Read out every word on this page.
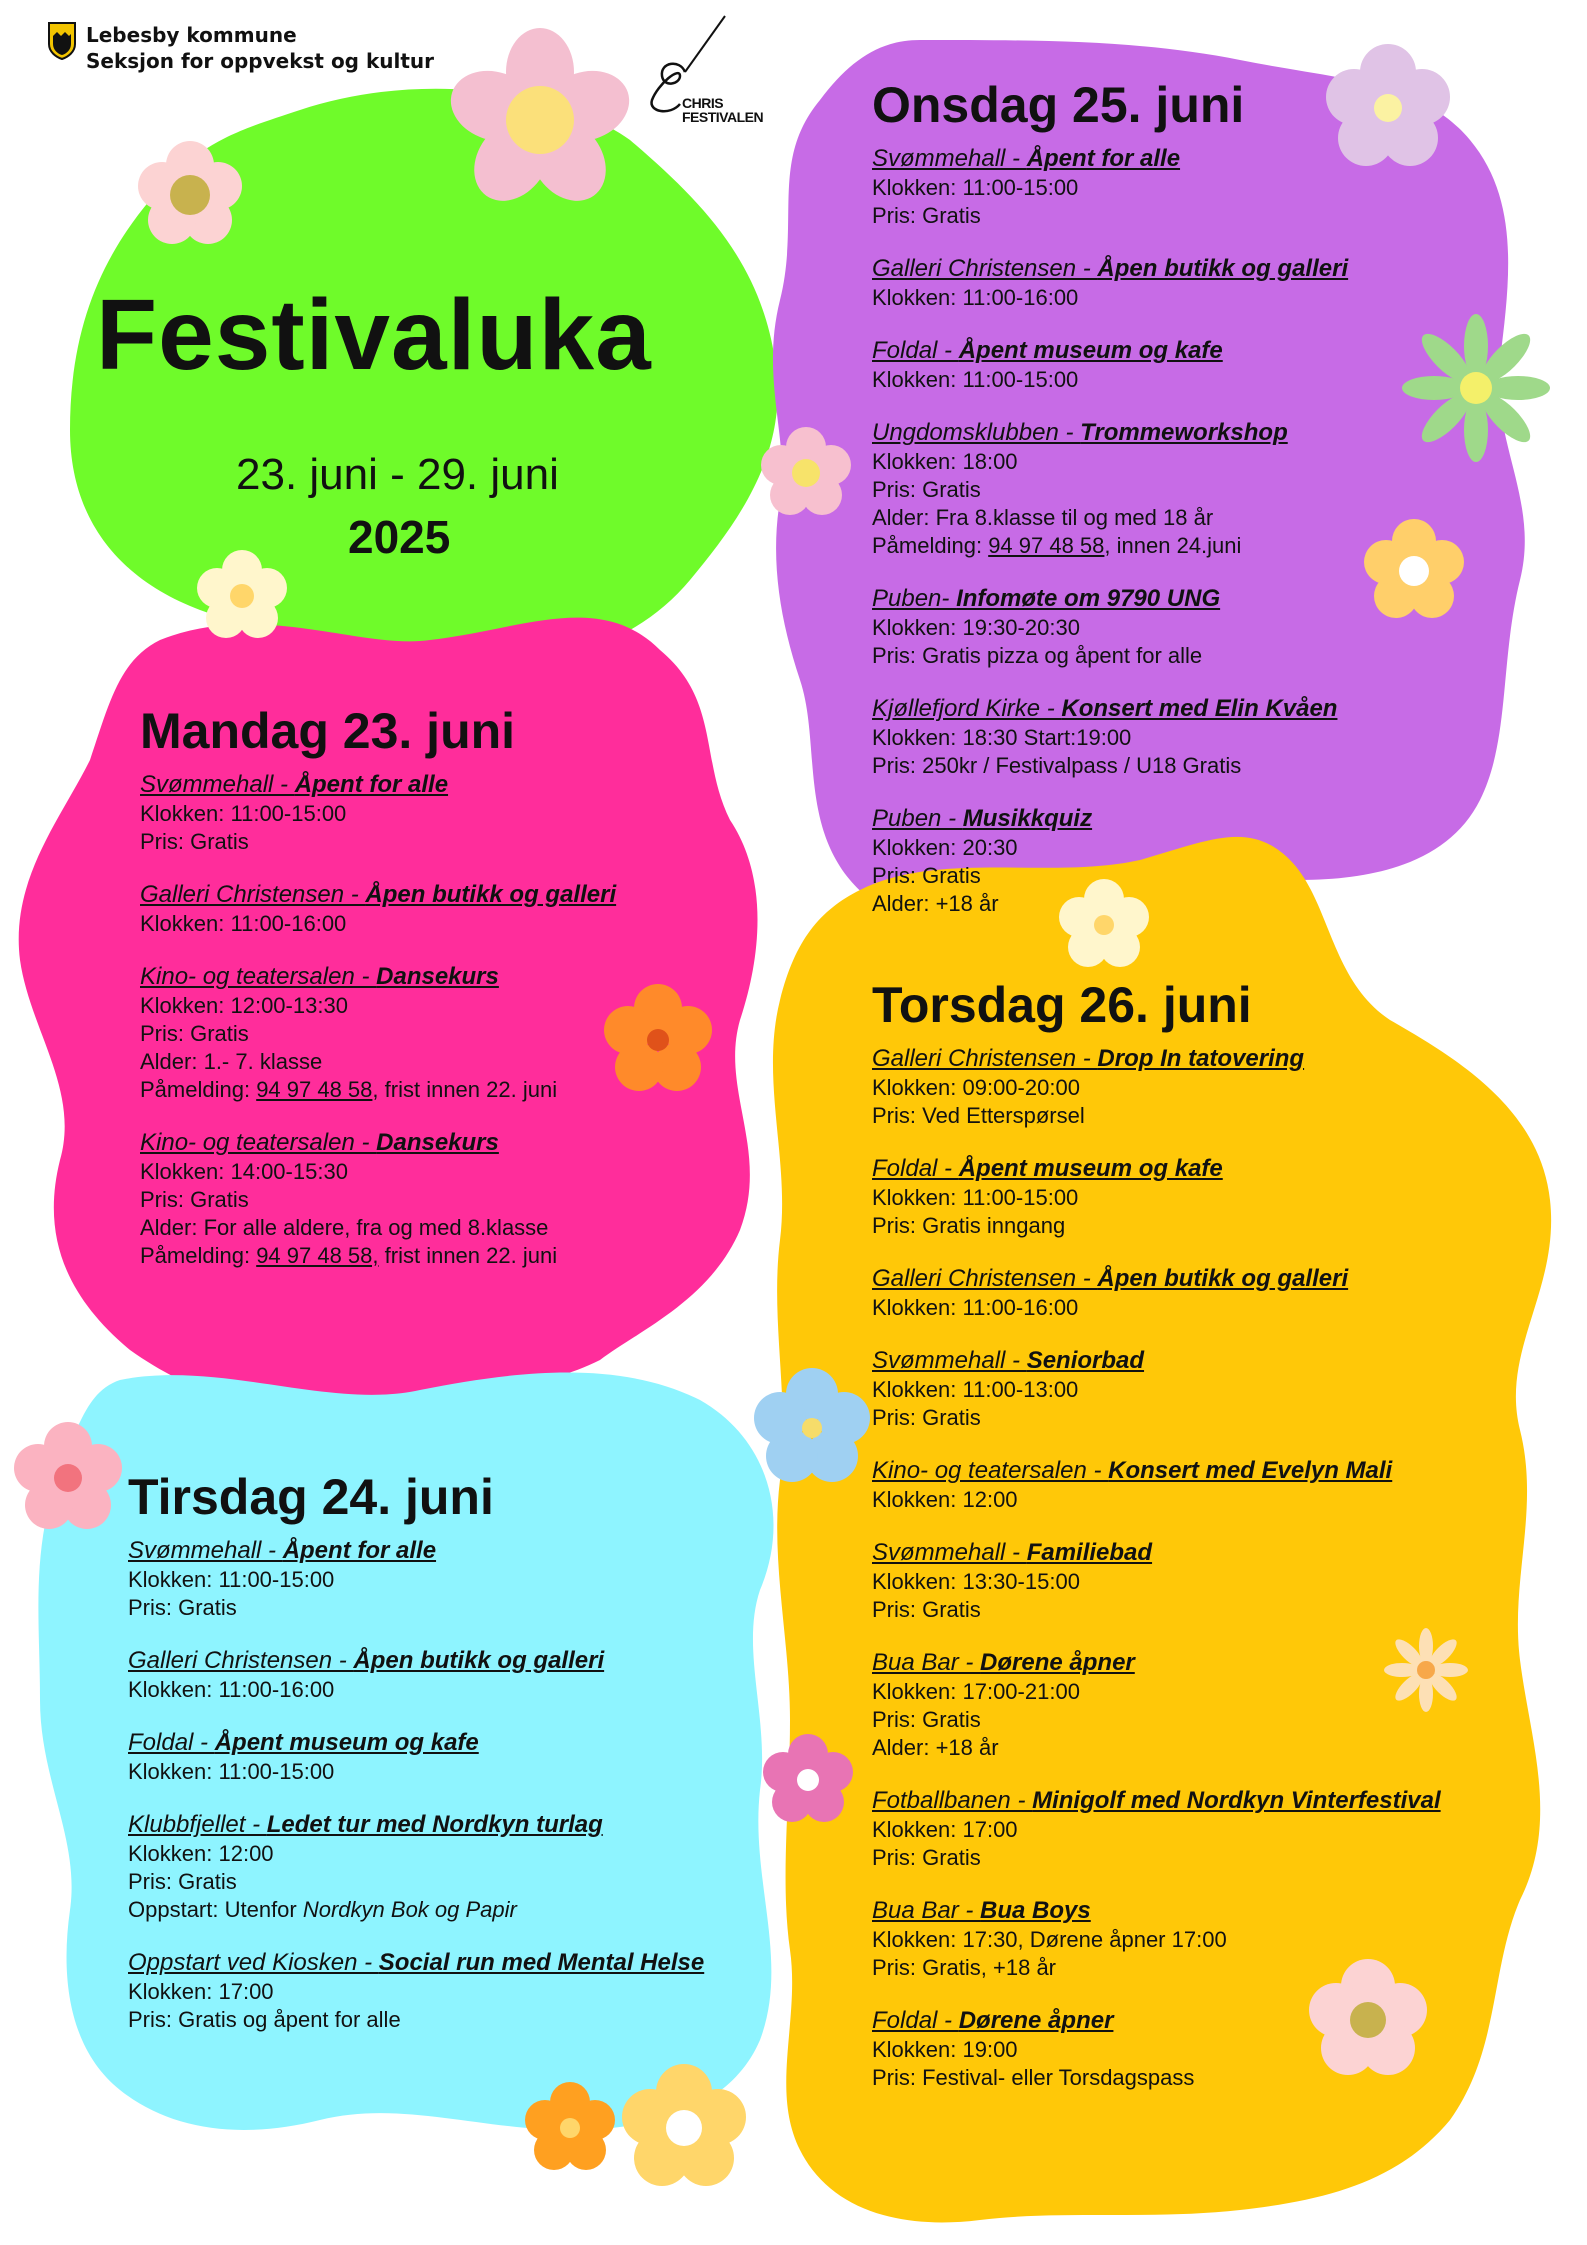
Lebesby kommune
Seksjon for oppvekst og kultur
CHRIS
FESTIVALEN
Festivaluka
23. juni - 29. juni
2025
Onsdag 25. juni
Svømmehall - Åpent for alle
Klokken: 11:00-15:00
Pris: Gratis
Galleri Christensen - Åpen butikk og galleri
Klokken: 11:00-16:00
Foldal - Åpent museum og kafe
Klokken: 11:00-15:00
Ungdomsklubben - Trommeworkshop
Klokken: 18:00
Pris: Gratis
Alder: Fra 8.klasse til og med 18 år
Påmelding: 94 97 48 58, innen 24.juni
Puben- Infomøte om 9790 UNG
Klokken: 19:30-20:30
Pris: Gratis pizza og åpent for alle
Kjøllefjord Kirke - Konsert med Elin Kvåen
Klokken: 18:30 Start:19:00
Pris: 250kr / Festivalpass / U18 Gratis
Puben - Musikkquiz
Klokken: 20:30
Pris: Gratis
Alder: +18 år
Mandag 23. juni
Svømmehall - Åpent for alle
Klokken: 11:00-15:00
Pris: Gratis
Galleri Christensen - Åpen butikk og galleri
Klokken: 11:00-16:00
Kino- og teatersalen - Dansekurs
Klokken: 12:00-13:30
Pris: Gratis
Alder: 1.- 7. klasse
Påmelding: 94 97 48 58, frist innen 22. juni
Kino- og teatersalen - Dansekurs
Klokken: 14:00-15:30
Pris: Gratis
Alder: For alle aldere, fra og med 8.klasse
Påmelding: 94 97 48 58, frist innen 22. juni
Torsdag 26. juni
Galleri Christensen - Drop In tatovering
Klokken: 09:00-20:00
Pris: Ved Etterspørsel
Foldal - Åpent museum og kafe
Klokken: 11:00-15:00
Pris: Gratis inngang
Galleri Christensen - Åpen butikk og galleri
Klokken: 11:00-16:00
Svømmehall - Seniorbad
Klokken: 11:00-13:00
Pris: Gratis
Kino- og teatersalen - Konsert med Evelyn Mali
Klokken: 12:00
Svømmehall - Familiebad
Klokken: 13:30-15:00
Pris: Gratis
Bua Bar - Dørene åpner
Klokken: 17:00-21:00
Pris: Gratis
Alder: +18 år
Fotballbanen - Minigolf med Nordkyn Vinterfestival
Klokken: 17:00
Pris: Gratis
Bua Bar - Bua Boys
Klokken: 17:30, Dørene åpner 17:00
Pris: Gratis, +18 år
Foldal - Dørene åpner
Klokken: 19:00
Pris: Festival- eller Torsdagspass
Tirsdag 24. juni
Svømmehall - Åpent for alle
Klokken: 11:00-15:00
Pris: Gratis
Galleri Christensen - Åpen butikk og galleri
Klokken: 11:00-16:00
Foldal - Åpent museum og kafe
Klokken: 11:00-15:00
Klubbfjellet - Ledet tur med Nordkyn turlag
Klokken: 12:00
Pris: Gratis
Oppstart: Utenfor Nordkyn Bok og Papir
Oppstart ved Kiosken - Social run med Mental Helse
Klokken: 17:00
Pris: Gratis og åpent for alle
